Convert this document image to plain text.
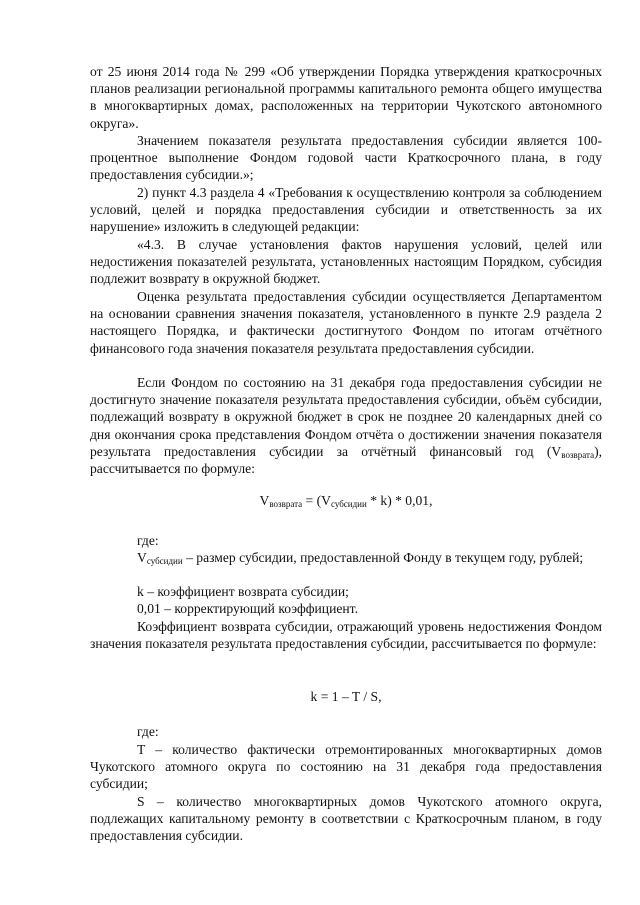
от 25 июня 2014 года № 299 «Об утверждении Порядка утверждения краткосрочных планов реализации региональной программы капитального ремонта общего имущества в многоквартирных домах, расположенных на территории Чукотского автономного округа».

Значением показателя результата предоставления субсидии является 100-процентное выполнение Фондом годовой части Краткосрочного плана, в году предоставления субсидии.»;

2) пункт 4.3 раздела 4 «Требования к осуществлению контроля за соблюдением условий, целей и порядка предоставления субсидии и ответственность за их нарушение» изложить в следующей редакции:

«4.3. В случае установления фактов нарушения условий, целей или недостижения показателей результата, установленных настоящим Порядком, субсидия подлежит возврату в окружной бюджет.

Оценка результата предоставления субсидии осуществляется Департаментом на основании сравнения значения показателя, установленного в пункте 2.9 раздела 2 настоящего Порядка, и фактически достигнутого Фондом по итогам отчётного финансового года значения показателя результата предоставления субсидии.

Если Фондом по состоянию на 31 декабря года предоставления субсидии не достигнуто значение показателя результата предоставления субсидии, объём субсидии, подлежащий возврату в окружной бюджет в срок не позднее 20 календарных дней со дня окончания срока представления Фондом отчёта о достижении значения показателя результата предоставления субсидии за отчётный финансовый год $(V_{возврата})$, рассчитывается по формуле:

$V_{возврата} = (V_{субсидии} * k) * 0,01$,

где:

$V_{субсидии}$ – размер субсидии, предоставленной Фонду в текущем году, рублей;

k – коэффициент возврата субсидии;

0,01 – корректирующий коэффициент.

Коэффициент возврата субсидии, отражающий уровень недостижения Фондом значения показателя результата предоставления субсидии, рассчитывается по формуле:

k = 1 – T / S,

где:

T – количество фактически отремонтированных многоквартирных домов Чукотского атомного округа по состоянию на 31 декабря года предоставления субсидии;

S – количество многоквартирных домов Чукотского атомного округа, подлежащих капитальному ремонту в соответствии с Краткосрочным планом, в году предоставления субсидии.
